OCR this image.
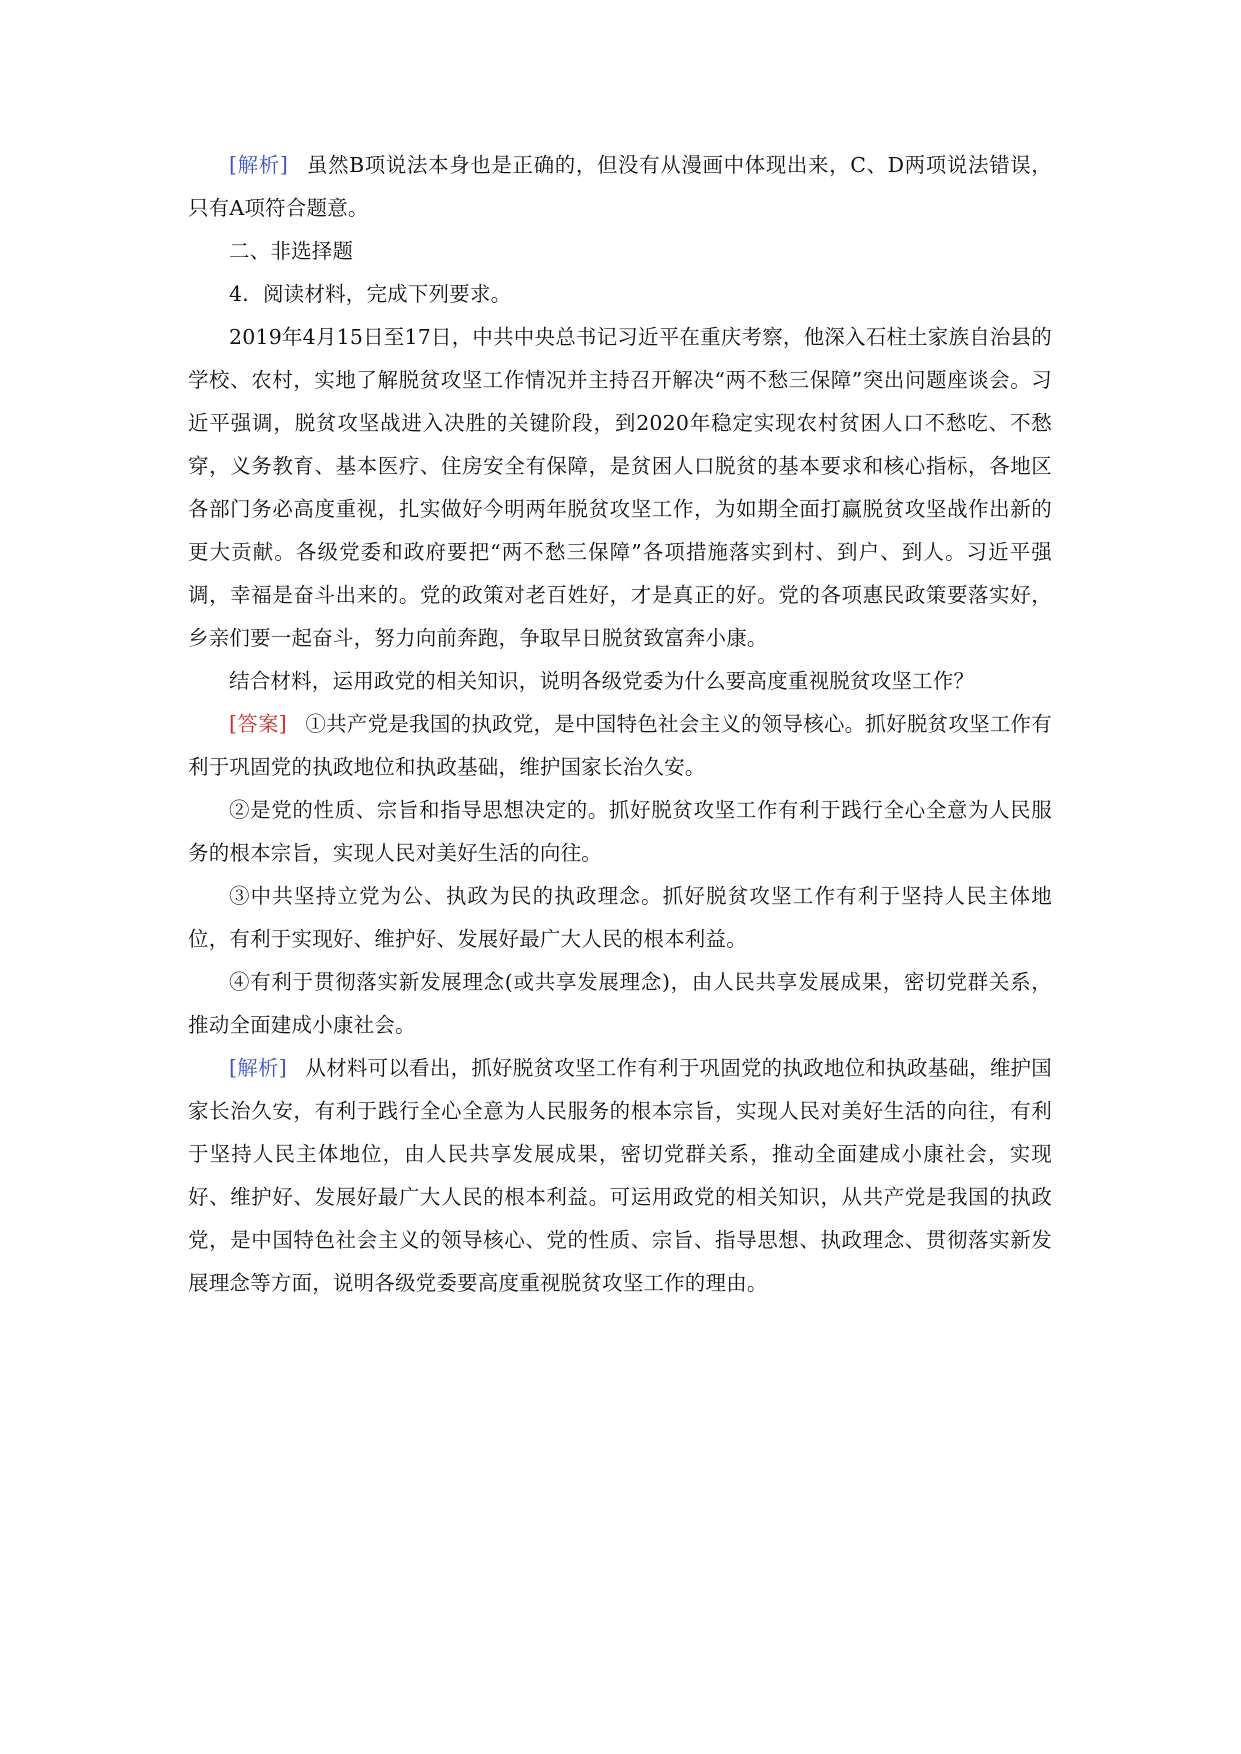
[解析] 虽然B项说法本身也是正确的，但没有从漫画中体现出来，C、D两项说法错误，只有A项符合题意。

二、非选择题

4．阅读材料，完成下列要求。

2019年4月15日至17日，中共中央总书记习近平在重庆考察，他深入石柱土家族自治县的学校、农村，实地了解脱贫攻坚工作情况并主持召开解决“两不愁三保障”突出问题座谈会。习近平强调，脱贫攻坚战进入决胜的关键阶段，到2020年稳定实现农村贫困人口不愁吃、不愁穿，义务教育、基本医疗、住房安全有保障，是贫困人口脱贫的基本要求和核心指标，各地区各部门务必高度重视，扎实做好今明两年脱贫攻坚工作，为如期全面打赢脱贫攻坚战作出新的更大贡献。各级党委和政府要把“两不愁三保障”各项措施落实到村、到户、到人。习近平强调，幸福是奋斗出来的。党的政策对老百姓好，才是真正的好。党的各项惠民政策要落实好，乡亲们要一起奋斗，努力向前奔跑，争取早日脱贫致富奔小康。

结合材料，运用政党的相关知识，说明各级党委为什么要高度重视脱贫攻坚工作？

[答案] ①共产党是我国的执政党，是中国特色社会主义的领导核心。抓好脱贫攻坚工作有利于巩固党的执政地位和执政基础，维护国家长治久安。

②是党的性质、宗旨和指导思想决定的。抓好脱贫攻坚工作有利于践行全心全意为人民服务的根本宗旨，实现人民对美好生活的向往。

③中共坚持立党为公、执政为民的执政理念。抓好脱贫攻坚工作有利于坚持人民主体地位，有利于实现好、维护好、发展好最广大人民的根本利益。

④有利于贯彻落实新发展理念(或共享发展理念)，由人民共享发展成果，密切党群关系，推动全面建成小康社会。

[解析] 从材料可以看出，抓好脱贫攻坚工作有利于巩固党的执政地位和执政基础，维护国家长治久安，有利于践行全心全意为人民服务的根本宗旨，实现人民对美好生活的向往，有利于坚持人民主体地位，由人民共享发展成果，密切党群关系，推动全面建成小康社会，实现好、维护好、发展好最广大人民的根本利益。可运用政党的相关知识，从共产党是我国的执政党，是中国特色社会主义的领导核心、党的性质、宗旨、指导思想、执政理念、贯彻落实新发展理念等方面，说明各级党委要高度重视脱贫攻坚工作的理由。
